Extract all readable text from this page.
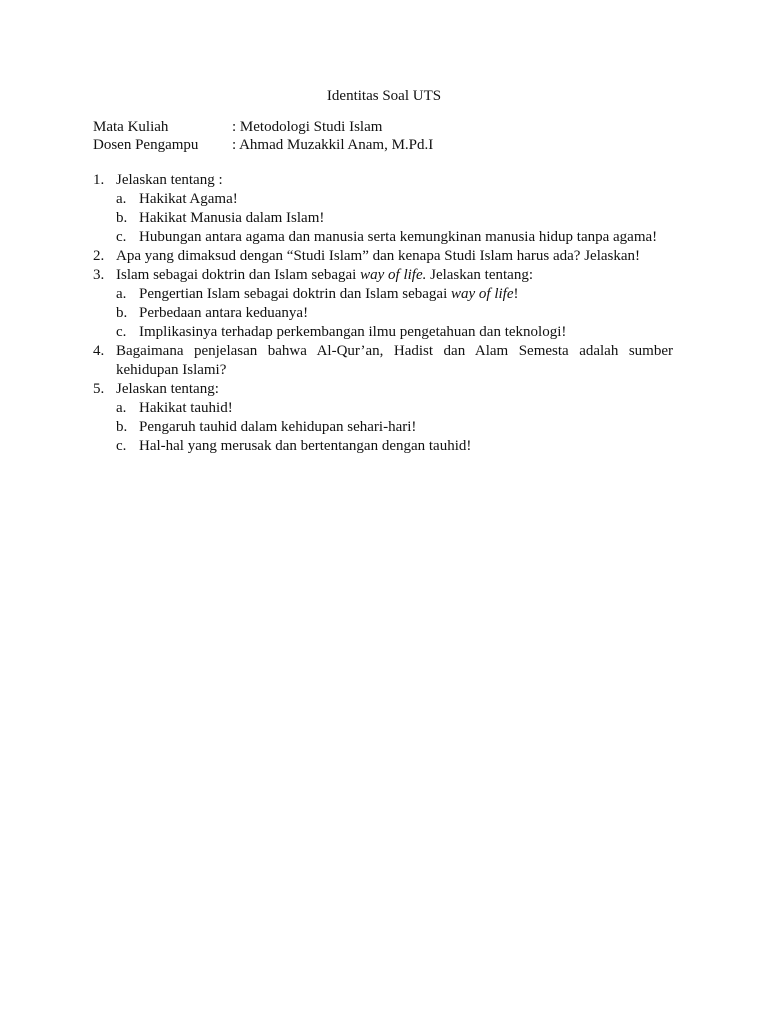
Identitas Soal UTS
Mata Kuliah	: Metodologi Studi Islam
Dosen Pengampu	: Ahmad Muzakkil Anam, M.Pd.I
1. Jelaskan tentang :
a. Hakikat Agama!
b. Hakikat Manusia dalam Islam!
c. Hubungan antara agama dan manusia serta kemungkinan manusia hidup tanpa agama!
2. Apa yang dimaksud dengan “Studi Islam” dan kenapa Studi Islam harus ada? Jelaskan!
3. Islam sebagai doktrin dan Islam sebagai way of life. Jelaskan tentang:
a. Pengertian Islam sebagai doktrin dan Islam sebagai way of life!
b. Perbedaan antara keduanya!
c. Implikasinya terhadap perkembangan ilmu pengetahuan dan teknologi!
4. Bagaimana penjelasan bahwa Al-Qur’an, Hadist dan Alam Semesta adalah sumber kehidupan Islami?
5. Jelaskan tentang:
a. Hakikat tauhid!
b. Pengaruh tauhid dalam kehidupan sehari-hari!
c. Hal-hal yang merusak dan bertentangan dengan tauhid!
